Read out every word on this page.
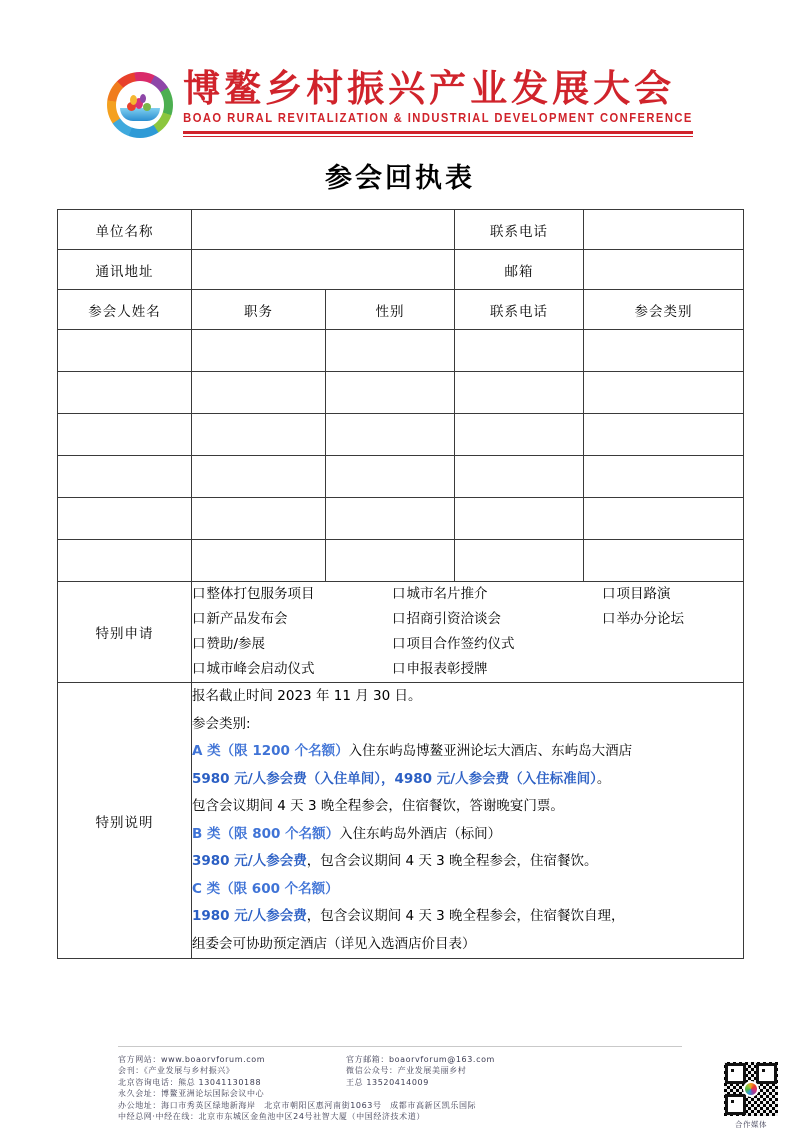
博鳌乡村振兴产业发展大会
BOAO RURAL REVITALIZATION & INDUSTRIAL DEVELOPMENT CONFERENCE
参会回执表
单位名称			联系电话	
通讯地址			邮箱	
参会人姓名	职务	性别	联系电话	参会类别

特别申请	
口整体打包服务项目	口城市名片推介	口项目路演
口新产品发布会	口招商引资洽谈会	口举办分论坛
口赞助/参展	口项目合作签约仪式
口城市峰会启动仪式	口申报表彰授牌

特别说明	

报名截止时间 2023 年 11 月 30 日。

参会类别:

A 类（限 1200 个名额）入住东屿岛博鳌亚洲论坛大酒店、东屿岛大酒店

5980 元/人参会费（入住单间），4980 元/人参会费（入住标准间）。

包含会议期间 4 天 3 晚全程参会，住宿餐饮，答谢晚宴门票。

B 类（限 800 个名额）入住东屿岛外酒店（标间）

3980 元/人参会费，包含会议期间 4 天 3 晚全程参会，住宿餐饮。

C 类（限 600 个名额）

1980 元/人参会费，包含会议期间 4 天 3 晚全程参会，住宿餐饮自理，

组委会可协助预定酒店（详见入选酒店价目表）

官方网站：www.boaorvforum.com	官方邮箱：boaorvforum@163.com
会刊：《产业发展与乡村振兴》	微信公众号：产业发展美丽乡村
北京咨询电话：熊总 13041130188	王总 13520414009
永久会址：博鳌亚洲论坛国际会议中心
办公地址：海口市秀英区绿地新海岸　北京市朝阳区惠河南街1063号　成都市高新区凯乐国际
中经总网·中经在线：北京市东城区金鱼池中区24号社智大厦（中国经济技术道）
合作媒体
